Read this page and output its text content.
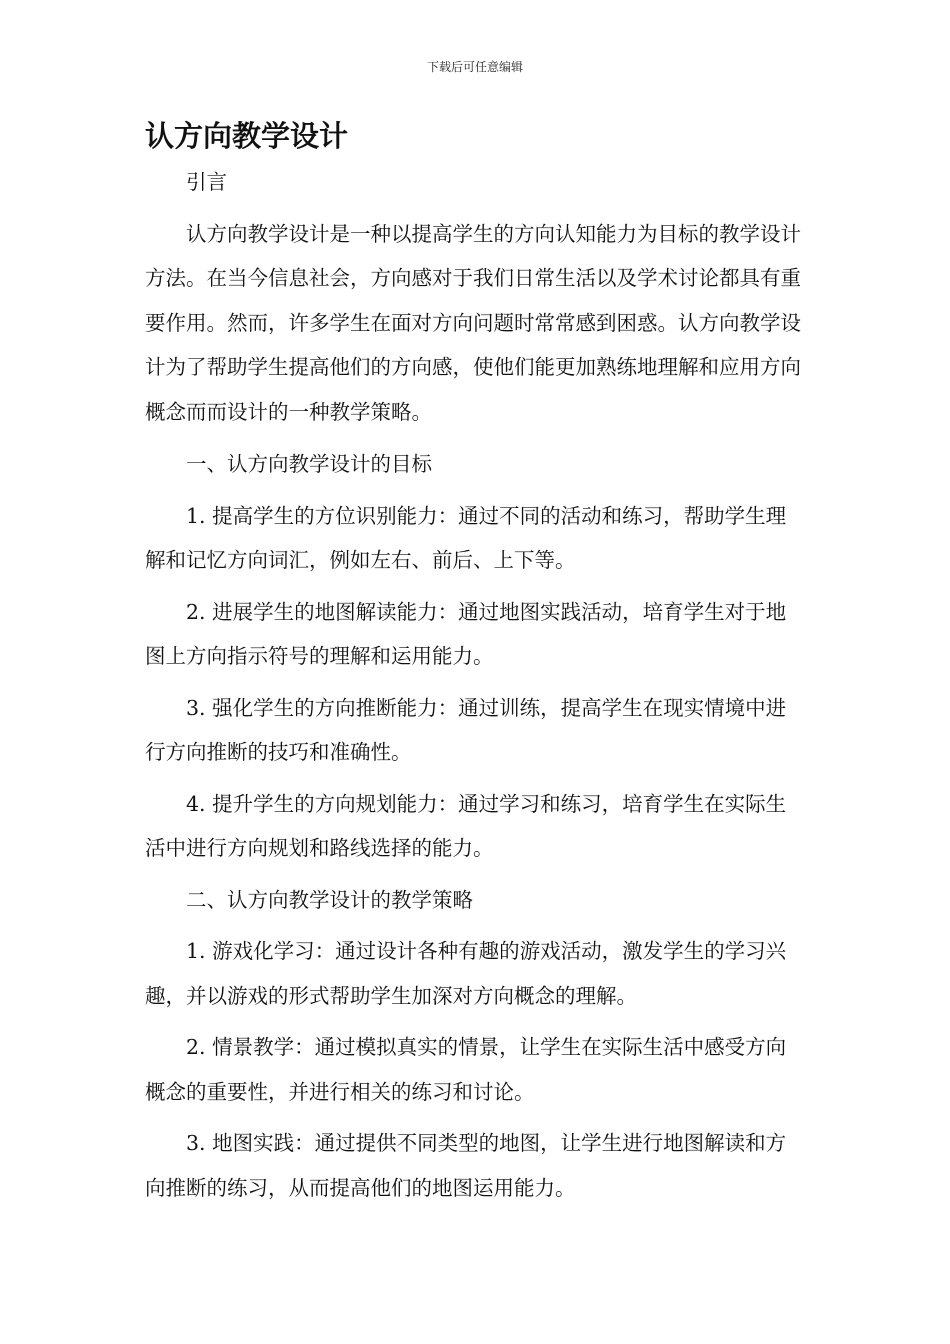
下载后可任意编辑
认方向教学设计

引言

认方向教学设计是一种以提高学生的方向认知能力为目标的教学设计方法。在当今信息社会，方向感对于我们日常生活以及学术讨论都具有重要作用。然而，许多学生在面对方向问题时常常感到困惑。认方向教学设计为了帮助学生提高他们的方向感，使他们能更加熟练地理解和应用方向概念而而设计的一种教学策略。

一、认方向教学设计的目标

1. 提高学生的方位识别能力：通过不同的活动和练习，帮助学生理解和记忆方向词汇，例如左右、前后、上下等。

2. 进展学生的地图解读能力：通过地图实践活动，培育学生对于地图上方向指示符号的理解和运用能力。

3. 强化学生的方向推断能力：通过训练，提高学生在现实情境中进行方向推断的技巧和准确性。

4. 提升学生的方向规划能力：通过学习和练习，培育学生在实际生活中进行方向规划和路线选择的能力。

二、认方向教学设计的教学策略

1. 游戏化学习：通过设计各种有趣的游戏活动，激发学生的学习兴趣，并以游戏的形式帮助学生加深对方向概念的理解。

2. 情景教学：通过模拟真实的情景，让学生在实际生活中感受方向概念的重要性，并进行相关的练习和讨论。

3. 地图实践：通过提供不同类型的地图，让学生进行地图解读和方向推断的练习，从而提高他们的地图运用能力。
